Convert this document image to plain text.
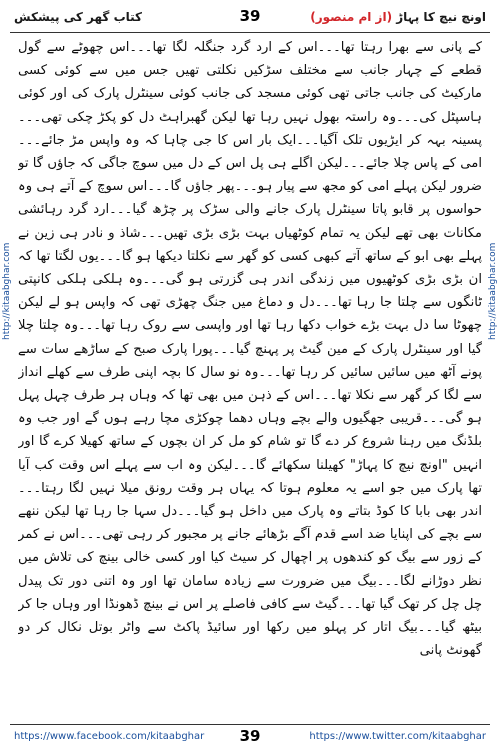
کتاب گھر کی پیشکش	39	اونچ نیچ کا پہاڑ (از ام منصور)
http://kitaabghar.com	http://kitaabghar.com

کے پانی سے بھرا رہتا تھا۔۔۔اس کے ارد گرد جنگلہ لگا تھا۔۔۔اس چھوٹے سے گول قطعے کے چہار جانب سے مختلف سڑکیں نکلتی تھیں جس میں سے کوئی کسی مارکیٹ کی جانب جاتی تھی کوئی مسجد کی جانب کوئی سینٹرل پارک کی اور کوئی ہاسپٹل کی۔۔۔وہ راستہ بھول نہیں رہا تھا لیکن گھبراہٹ دل کو پکڑ چکی تھی۔۔۔پسینہ بہہ کر ایڑیوں تلک آگیا۔۔۔ایک بار اس کا جی چاہا کہ وہ واپس مڑ جائے۔۔۔امی کے پاس چلا جائے۔۔۔لیکن اگلے ہی پل اس کے دل میں سوچ جاگی کہ جاؤں گا تو ضرور لیکن پہلے امی کو مجھ سے پیار ہو۔۔۔پھر جاؤں گا۔۔۔اس سوچ کے آتے ہی وہ حواسوں پر قابو پاتا سینٹرل پارک جانے والی سڑک پر چڑھ گیا۔۔۔ارد گرد رہائشی مکانات بھی تھے لیکن یہ تمام کوٹھیاں بہت بڑی بڑی تھیں۔۔۔شاذ و نادر ہی زین نے پہلے بھی ابو کے ساتھ آتے کبھی کسی کو گھر سے نکلتا دیکھا ہو گا۔۔۔یوں لگتا تھا کہ ان بڑی بڑی کوٹھیوں میں زندگی اندر ہی گزرتی ہو گی۔۔۔وہ ہلکی ہلکی کانپتی ٹانگوں سے چلتا جا رہا تھا۔۔۔دل و دماغ میں جنگ چھڑی تھی کہ واپس ہو لے لیکن چھوٹا سا دل بہت بڑے خواب دکھا رہا تھا اور واپسی سے روک رہا تھا۔۔۔وہ چلتا چلا گیا اور سینٹرل پارک کے مین گیٹ پر پہنچ گیا۔۔۔پورا پارک صبح کے ساڑھے سات سے پونے آٹھ میں سائیں سائیں کر رہا تھا۔۔۔وہ نو سال کا بچہ اپنی طرف سے کھلے انداز سے لگا کر گھر سے نکلا تھا۔۔۔اس کے ذہن میں بھی تھا کہ وہاں ہر طرف چہل پہل ہو گی۔۔۔قریبی جھگیوں والے بچے وہاں دھما چوکڑی مچا رہے ہوں گے اور جب وہ بلڈنگ میں رہنا شروع کر دے گا تو شام کو مل کر ان بچوں کے ساتھ کھیلا کرے گا اور انہیں "اونچ نیچ کا پہاڑ" کھیلنا سکھائے گا۔۔۔لیکن وہ اب سے پہلے اس وقت کب آیا تھا پارک میں جو اسے یہ معلوم ہوتا کہ یہاں ہر وقت رونق میلا نہیں لگا رہتا۔۔۔اندر بھی بابا کا کوڈ بتاتے وہ پارک میں داخل ہو گیا۔۔۔دل سہا جا رہا تھا لیکن ننھے سے بچے کی اپنایا ضد اسے قدم آگے بڑھائے جانے پر مجبور کر رہی تھی۔۔۔اس نے کمر کے زور سے بیگ کو کندھوں پر اچھال کر سیٹ کیا اور کسی خالی بینچ کی تلاش میں نظر دوڑانے لگا۔۔۔بیگ میں ضرورت سے زیادہ سامان تھا اور وہ اتنی دور تک پیدل چل چل کر تھک گیا تھا۔۔۔گیٹ سے کافی فاصلے پر اس نے بینچ ڈھونڈا اور وہاں جا کر بیٹھ گیا۔۔۔بیگ اتار کر پہلو میں رکھا اور سائیڈ پاکٹ سے واٹر بوتل نکال کر دو گھونٹ پانی

https://www.facebook.com/kitaabghar	39	https://www.twitter.com/kitaabghar
